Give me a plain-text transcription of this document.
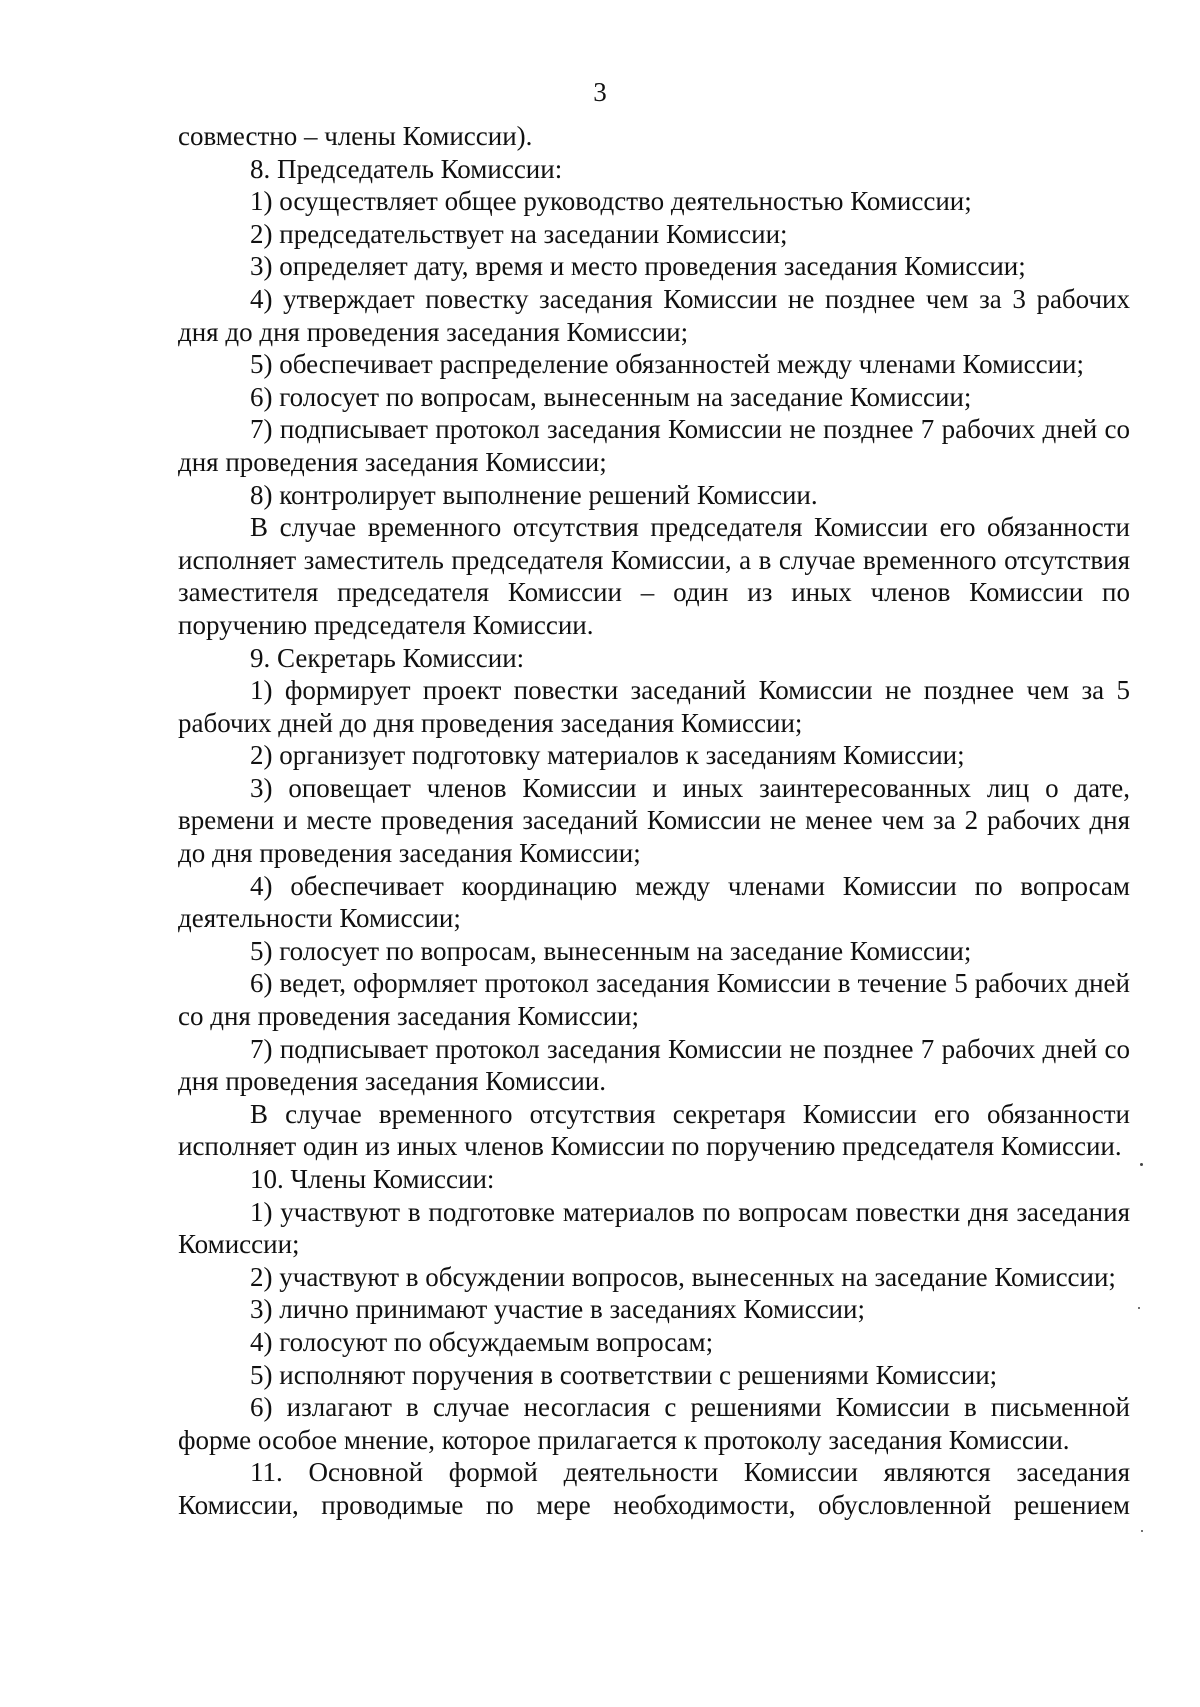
3

совместно – члены Комиссии).

8. Председатель Комиссии:

1) осуществляет общее руководство деятельностью Комиссии;

2) председательствует на заседании Комиссии;

3) определяет дату, время и место проведения заседания Комиссии;

4) утверждает повестку заседания Комиссии не позднее чем за 3 рабочих дня до дня проведения заседания Комиссии;

5) обеспечивает распределение обязанностей между членами Комиссии;

6) голосует по вопросам, вынесенным на заседание Комиссии;

7) подписывает протокол заседания Комиссии не позднее 7 рабочих дней со дня проведения заседания Комиссии;

8) контролирует выполнение решений Комиссии.

В случае временного отсутствия председателя Комиссии его обязанности исполняет заместитель председателя Комиссии, а в случае временного отсутствия заместителя председателя Комиссии – один из иных членов Комиссии по поручению председателя Комиссии.

9. Секретарь Комиссии:

1) формирует проект повестки заседаний Комиссии не позднее чем за 5 рабочих дней до дня проведения заседания Комиссии;

2) организует подготовку материалов к заседаниям Комиссии;

3) оповещает членов Комиссии и иных заинтересованных лиц о дате, времени и месте проведения заседаний Комиссии не менее чем за 2 рабочих дня до дня проведения заседания Комиссии;

4) обеспечивает координацию между членами Комиссии по вопросам деятельности Комиссии;

5) голосует по вопросам, вынесенным на заседание Комиссии;

6) ведет, оформляет протокол заседания Комиссии в течение 5 рабочих дней со дня проведения заседания Комиссии;

7) подписывает протокол заседания Комиссии не позднее 7 рабочих дней со дня проведения заседания Комиссии.

В случае временного отсутствия секретаря Комиссии его обязанности исполняет один из иных членов Комиссии по поручению председателя Комиссии.

10. Члены Комиссии:

1) участвуют в подготовке материалов по вопросам повестки дня заседания Комиссии;

2) участвуют в обсуждении вопросов, вынесенных на заседание Комиссии;

3) лично принимают участие в заседаниях Комиссии;

4) голосуют по обсуждаемым вопросам;

5) исполняют поручения в соответствии с решениями Комиссии;

6) излагают в случае несогласия с решениями Комиссии в письменной форме особое мнение, которое прилагается к протоколу заседания Комиссии.

11. Основной формой деятельности Комиссии являются заседания Комиссии, проводимые по мере необходимости, обусловленной решением
